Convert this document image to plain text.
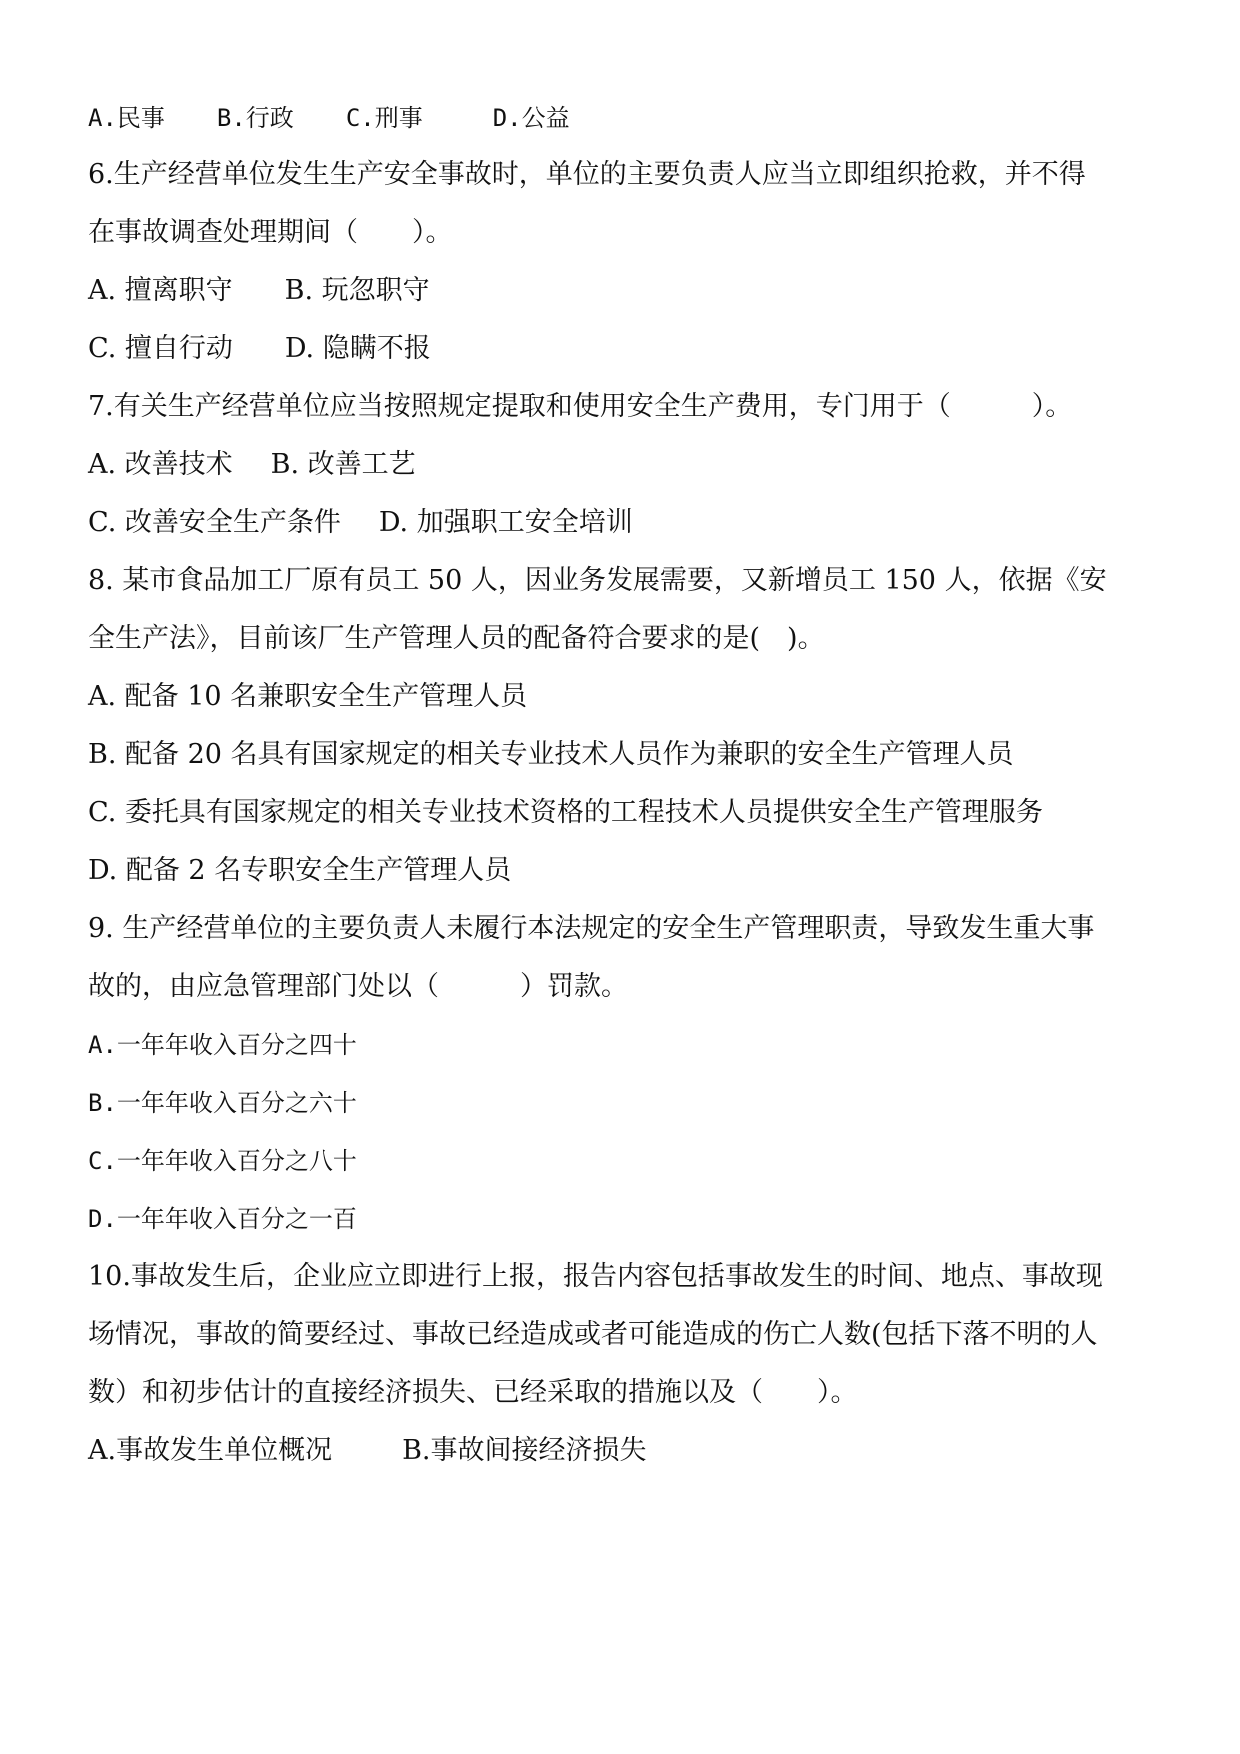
A.民事 B.行政 C.刑事	D.公益

6.生产经营单位发生生产安全事故时，单位的主要负责人应当立即组织抢救，并不得

在事故调查处理期间（　　）。

A. 擅离职守 B. 玩忽职守

C. 擅自行动 D. 隐瞒不报

7.有关生产经营单位应当按照规定提取和使用安全生产费用，专门用于（　　　）。

A. 改善技术 B. 改善工艺

C. 改善安全生产条件 D. 加强职工安全培训

8. 某市食品加工厂原有员工 50 人，因业务发展需要，又新增员工 150 人，依据《安

全生产法》，目前该厂生产管理人员的配备符合要求的是(　)。

A. 配备 10 名兼职安全生产管理人员

B. 配备 20 名具有国家规定的相关专业技术人员作为兼职的安全生产管理人员

C. 委托具有国家规定的相关专业技术资格的工程技术人员提供安全生产管理服务

D. 配备 2 名专职安全生产管理人员

9. 生产经营单位的主要负责人未履行本法规定的安全生产管理职责，导致发生重大事

故的，由应急管理部门处以（　　　）罚款。

A.一年年收入百分之四十

B.一年年收入百分之六十

C.一年年收入百分之八十

D.一年年收入百分之一百

10.事故发生后，企业应立即进行上报，报告内容包括事故发生的时间、地点、事故现

场情况，事故的简要经过、事故已经造成或者可能造成的伤亡人数(包括下落不明的人

数）和初步估计的直接经济损失、已经采取的措施以及（　　）。

A.事故发生单位概况	B.事故间接经济损失
